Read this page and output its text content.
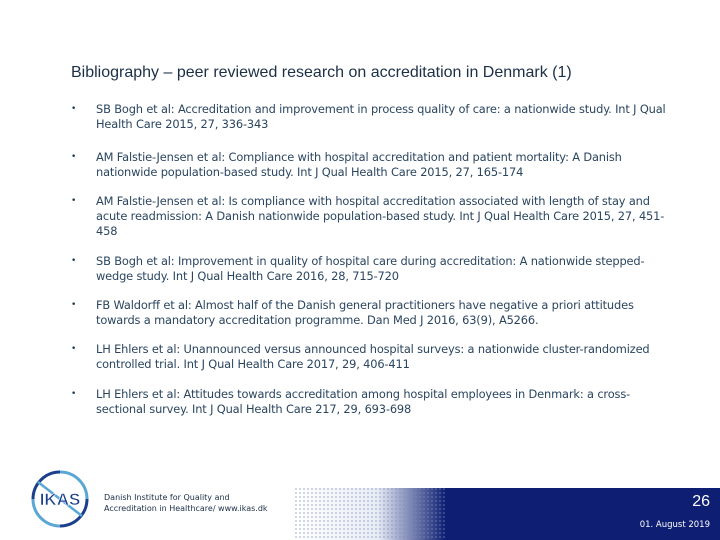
Bibliography – peer reviewed research on accreditation in Denmark (1)
•	SB Bogh et al: Accreditation and improvement in process quality of care: a nationwide study. Int J Qual Health Care 2015, 27, 336-343
•	AM Falstie-Jensen et al: Compliance with hospital accreditation and patient mortality: A Danish nationwide population-based study. Int J Qual Health Care 2015, 27, 165-174
•	AM Falstie-Jensen et al: Is compliance with hospital accreditation associated with length of stay and acute readmission: A Danish nationwide population-based study. Int J Qual Health Care 2015, 27, 451-458
•	SB Bogh et al: Improvement in quality of hospital care during accreditation: A nationwide stepped-wedge study. Int J Qual Health Care 2016, 28, 715-720
•	FB Waldorff et al: Almost half of the Danish general practitioners have negative a priori attitudes towards a mandatory accreditation programme. Dan Med J 2016, 63(9), A5266.
•	LH Ehlers et al: Unannounced versus announced hospital surveys: a nationwide cluster-randomized controlled trial. Int J Qual Health Care 2017, 29, 406-411
•	LH Ehlers et al: Attitudes towards accreditation among hospital employees in Denmark: a cross-sectional survey. Int J Qual Health Care 217, 29, 693-698
IKAS	Danish Institute for Quality and
Accreditation in Healthcare/ www.ikas.dk	26
01. August 2019
